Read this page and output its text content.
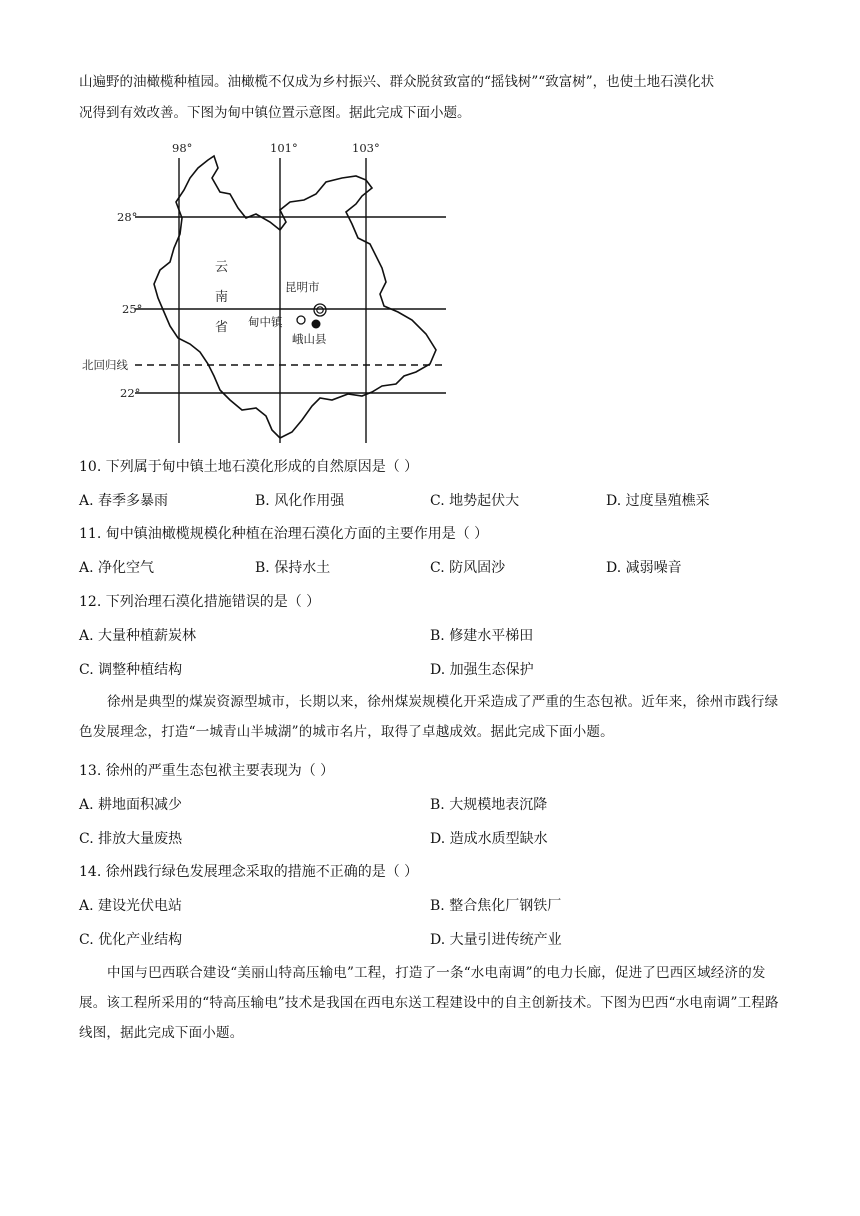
山遍野的油橄榄种植园。油橄榄不仅成为乡村振兴、群众脱贫致富的“摇钱树”“致富树”，也使土地石漠化状
况得到有效改善。下图为甸中镇位置示意图。据此完成下面小题。
98°	101°	103°
28°
25°
北回归线
22°
云
南
省
昆明市
甸中镇
峨山县
10. 下列属于甸中镇土地石漠化形成的自然原因是（ ）
A. 春季多暴雨	B. 风化作用强	C. 地势起伏大	D. 过度垦殖樵采
11. 甸中镇油橄榄规模化种植在治理石漠化方面的主要作用是（ ）
A. 净化空气	B. 保持水土	C. 防风固沙	D. 减弱噪音
12. 下列治理石漠化措施错误的是（ ）
A. 大量种植薪炭林	B. 修建水平梯田
C. 调整种植结构	D. 加强生态保护
徐州是典型的煤炭资源型城市，长期以来，徐州煤炭规模化开采造成了严重的生态包袱。近年来，徐州市践行绿色发展理念，打造“一城青山半城湖”的城市名片，取得了卓越成效。据此完成下面小题。
13. 徐州的严重生态包袱主要表现为（ ）
A. 耕地面积减少	B. 大规模地表沉降
C. 排放大量废热	D. 造成水质型缺水
14. 徐州践行绿色发展理念采取的措施不正确的是（ ）
A. 建设光伏电站	B. 整合焦化厂钢铁厂
C. 优化产业结构	D. 大量引进传统产业
中国与巴西联合建设“美丽山特高压输电”工程，打造了一条“水电南调”的电力长廊，促进了巴西区域经济的发展。该工程所采用的“特高压输电”技术是我国在西电东送工程建设中的自主创新技术。下图为巴西“水电南调”工程路线图，据此完成下面小题。
